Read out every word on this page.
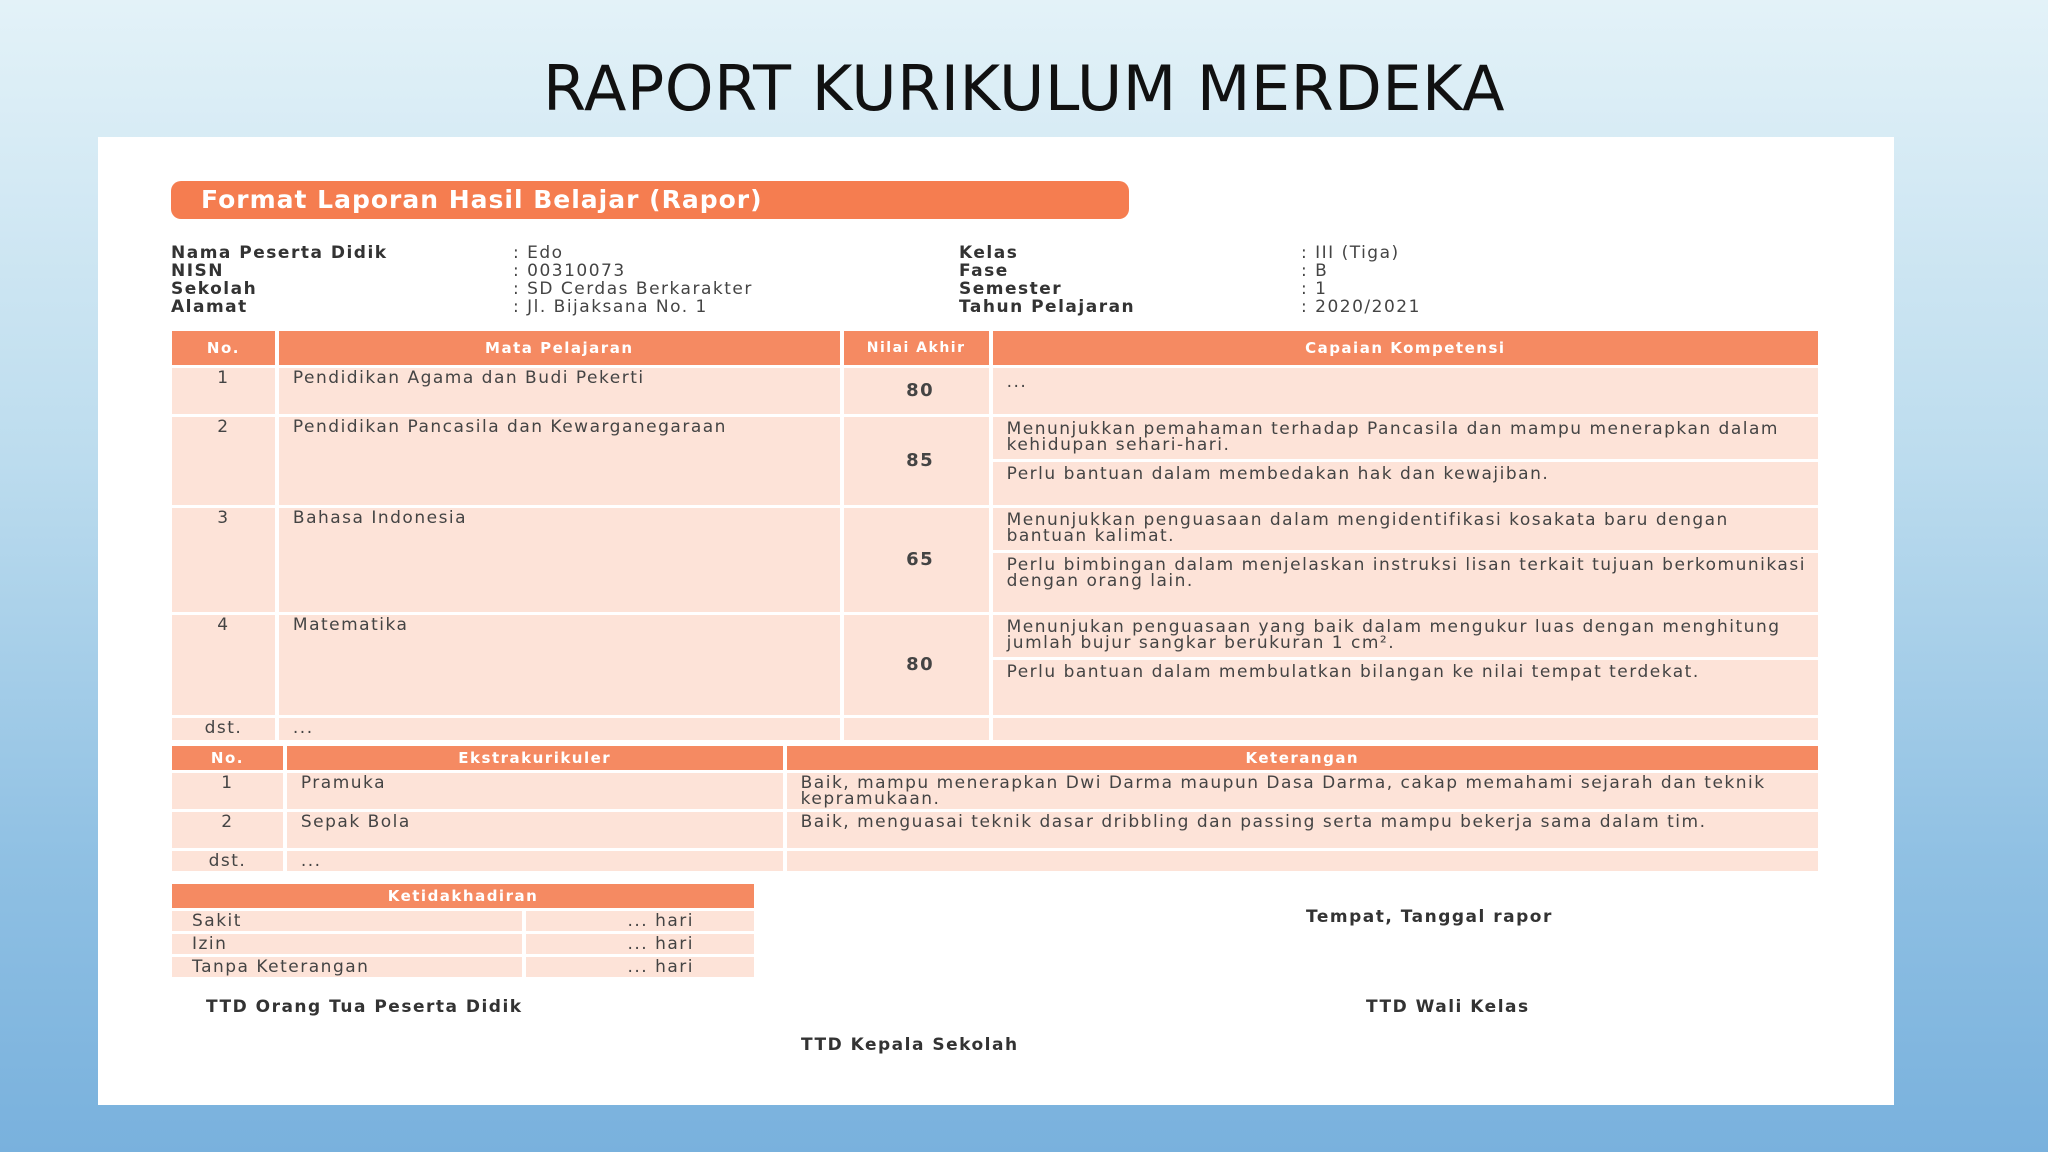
RAPORT KURIKULUM MERDEKA
Format Laporan Hasil Belajar (Rapor)
Nama Peserta Didik	: Edo
NISN	: 00310073
Sekolah	: SD Cerdas Berkarakter
Alamat	: Jl. Bijaksana No. 1
Kelas	: III (Tiga)
Fase	: B
Semester	: 1
Tahun Pelajaran	: 2020/2021
No.	Mata Pelajaran	Nilai Akhir	Capaian Kompetensi
1	Pendidikan Agama dan Budi Pekerti	80	...

2	Pendidikan Pancasila dan Kewarganegaraan	85	Menunjukkan pemahaman terhadap Pancasila dan mampu menerapkan dalam kehidupan sehari-hari.
Perlu bantuan dalam membedakan hak dan kewajiban.

3	Bahasa Indonesia	65	Menunjukkan penguasaan dalam mengidentifikasi kosakata baru dengan bantuan kalimat.
Perlu bimbingan dalam menjelaskan instruksi lisan terkait tujuan berkomunikasi dengan orang lain.

4	Matematika	80	Menunjukan penguasaan yang baik dalam mengukur luas dengan menghitung jumlah bujur sangkar berukuran 1 cm².
Perlu bantuan dalam membulatkan bilangan ke nilai tempat terdekat.

dst.	...		
No.	Ekstrakurikuler	Keterangan
1	Pramuka	Baik, mampu menerapkan Dwi Darma maupun Dasa Darma, cakap memahami sejarah dan teknik kepramukaan.
2	Sepak Bola	Baik, menguasai teknik dasar dribbling dan passing serta mampu bekerja sama dalam tim.
dst.	...	
Ketidakhadiran	
Sakit	... hari
Izin	... hari
Tanpa Keterangan	... hari
Tempat, Tanggal rapor
TTD Orang Tua Peserta Didik	TTD Wali Kelas
TTD Kepala Sekolah
